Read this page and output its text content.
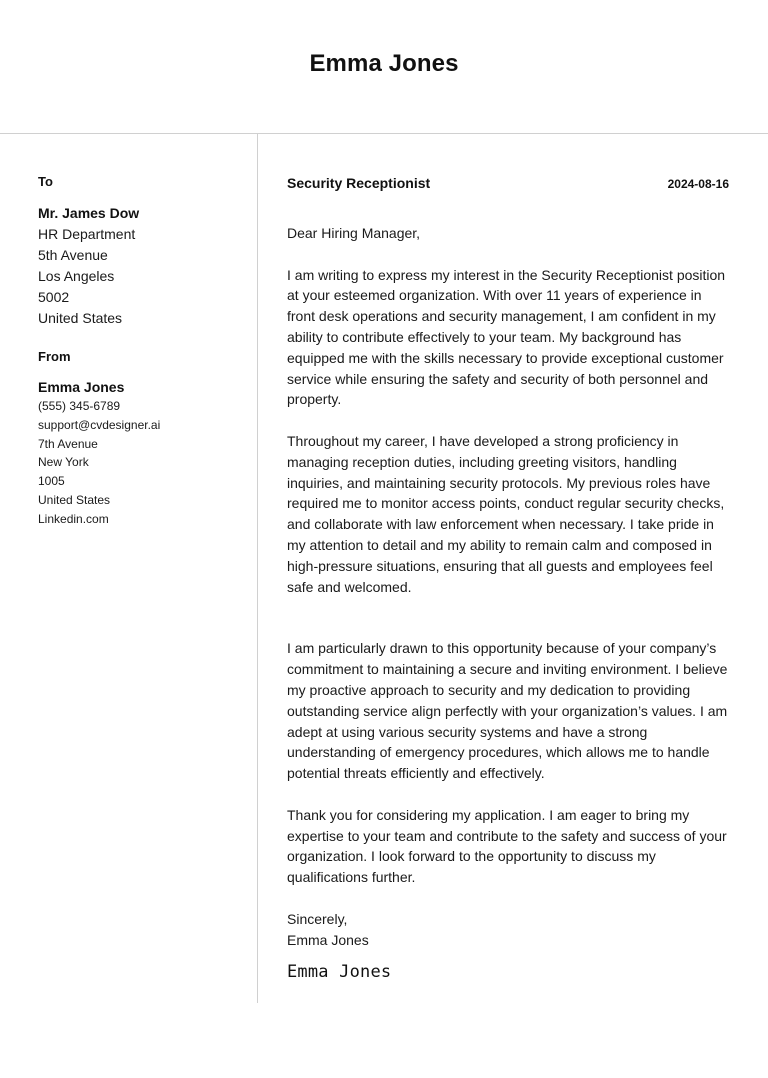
Emma Jones
To
Mr. James Dow
HR Department
5th Avenue
Los Angeles
5002
United States
From
Emma Jones
(555) 345-6789
support@cvdesigner.ai
7th Avenue
New York
1005
United States
Linkedin.com
Security Receptionist	2024-08-16
Dear Hiring Manager,
I am writing to express my interest in the Security Receptionist position at your esteemed organization. With over 11 years of experience in front desk operations and security management, I am confident in my ability to contribute effectively to your team. My background has equipped me with the skills necessary to provide exceptional customer service while ensuring the safety and security of both personnel and property.
Throughout my career, I have developed a strong proficiency in managing reception duties, including greeting visitors, handling inquiries, and maintaining security protocols. My previous roles have required me to monitor access points, conduct regular security checks, and collaborate with law enforcement when necessary. I take pride in my attention to detail and my ability to remain calm and composed in high-pressure situations, ensuring that all guests and employees feel safe and welcomed.
I am particularly drawn to this opportunity because of your company’s commitment to maintaining a secure and inviting environment. I believe my proactive approach to security and my dedication to providing outstanding service align perfectly with your organization’s values. I am adept at using various security systems and have a strong understanding of emergency procedures, which allows me to handle potential threats efficiently and effectively.
Thank you for considering my application. I am eager to bring my expertise to your team and contribute to the safety and success of your organization. I look forward to the opportunity to discuss my qualifications further.
Sincerely,
Emma Jones
Emma Jones
